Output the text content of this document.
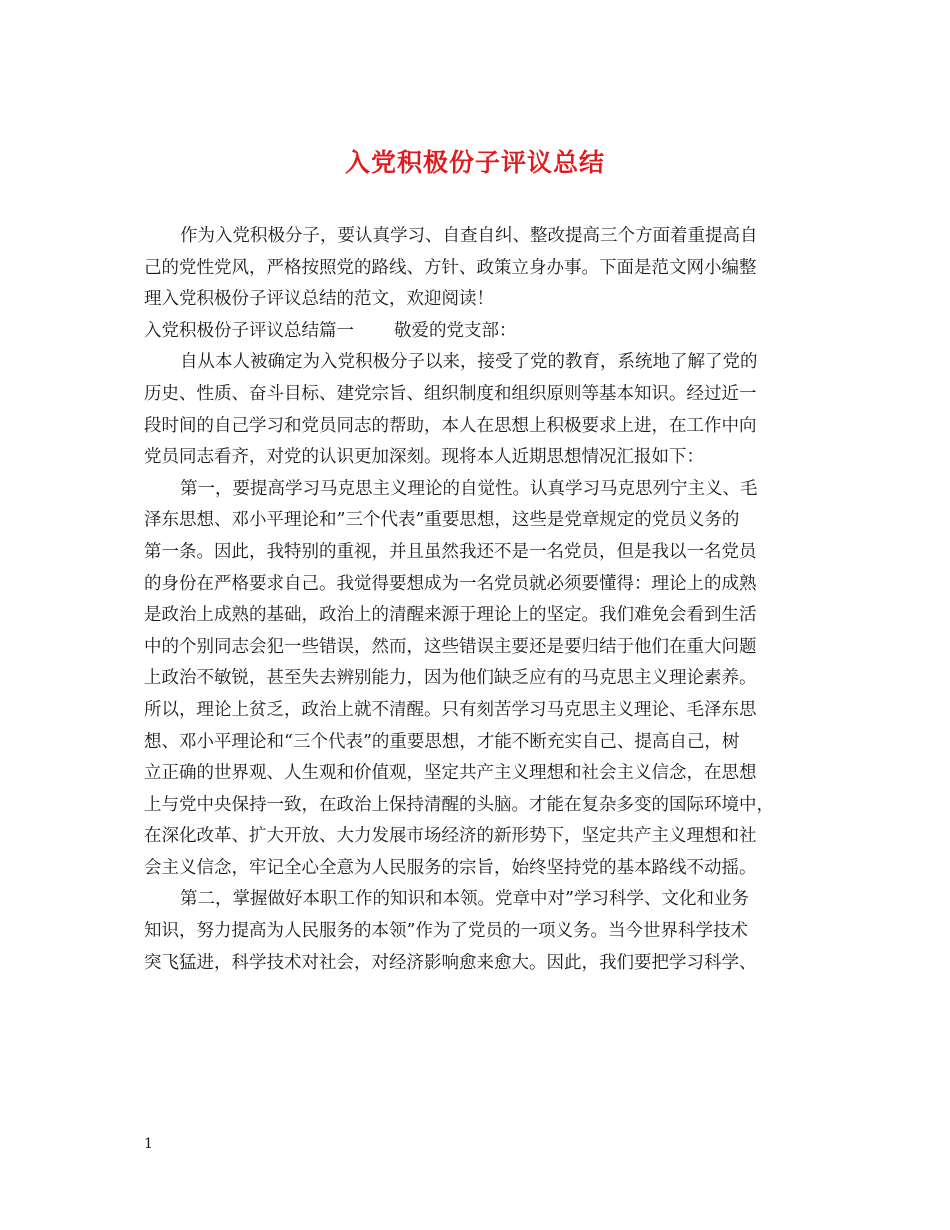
入党积极份子评议总结
作为入党积极分子，要认真学习、自查自纠、整改提高三个方面着重提高自
己的党性党风，严格按照党的路线、方针、政策立身办事。下面是范文网小编整
理入党积极份子评议总结的范文，欢迎阅读！
入党积极份子评议总结篇一 敬爱的党支部：
自从本人被确定为入党积极分子以来，接受了党的教育，系统地了解了党的
历史、性质、奋斗目标、建党宗旨、组织制度和组织原则等基本知识。经过近一
段时间的自己学习和党员同志的帮助，本人在思想上积极要求上进，在工作中向
党员同志看齐，对党的认识更加深刻。现将本人近期思想情况汇报如下：
第一，要提高学习马克思主义理论的自觉性。认真学习马克思列宁主义、毛
泽东思想、邓小平理论和”三个代表”重要思想，这些是党章规定的党员义务的
第一条。因此，我特别的重视，并且虽然我还不是一名党员，但是我以一名党员
的身份在严格要求自己。我觉得要想成为一名党员就必须要懂得：理论上的成熟
是政治上成熟的基础，政治上的清醒来源于理论上的坚定。我们难免会看到生活
中的个别同志会犯一些错误，然而，这些错误主要还是要归结于他们在重大问题
上政治不敏锐，甚至失去辨别能力，因为他们缺乏应有的马克思主义理论素养。
所以，理论上贫乏，政治上就不清醒。只有刻苦学习马克思主义理论、毛泽东思
想、邓小平理论和“三个代表”的重要思想，才能不断充实自己、提高自己，树
立正确的世界观、人生观和价值观，坚定共产主义理想和社会主义信念，在思想
上与党中央保持一致，在政治上保持清醒的头脑。才能在复杂多变的国际环境中，
在深化改革、扩大开放、大力发展市场经济的新形势下，坚定共产主义理想和社
会主义信念，牢记全心全意为人民服务的宗旨，始终坚持党的基本路线不动摇。
第二，掌握做好本职工作的知识和本领。党章中对”学习科学、文化和业务
知识，努力提高为人民服务的本领”作为了党员的一项义务。当今世界科学技术
突飞猛进，科学技术对社会，对经济影响愈来愈大。因此，我们要把学习科学、
1
